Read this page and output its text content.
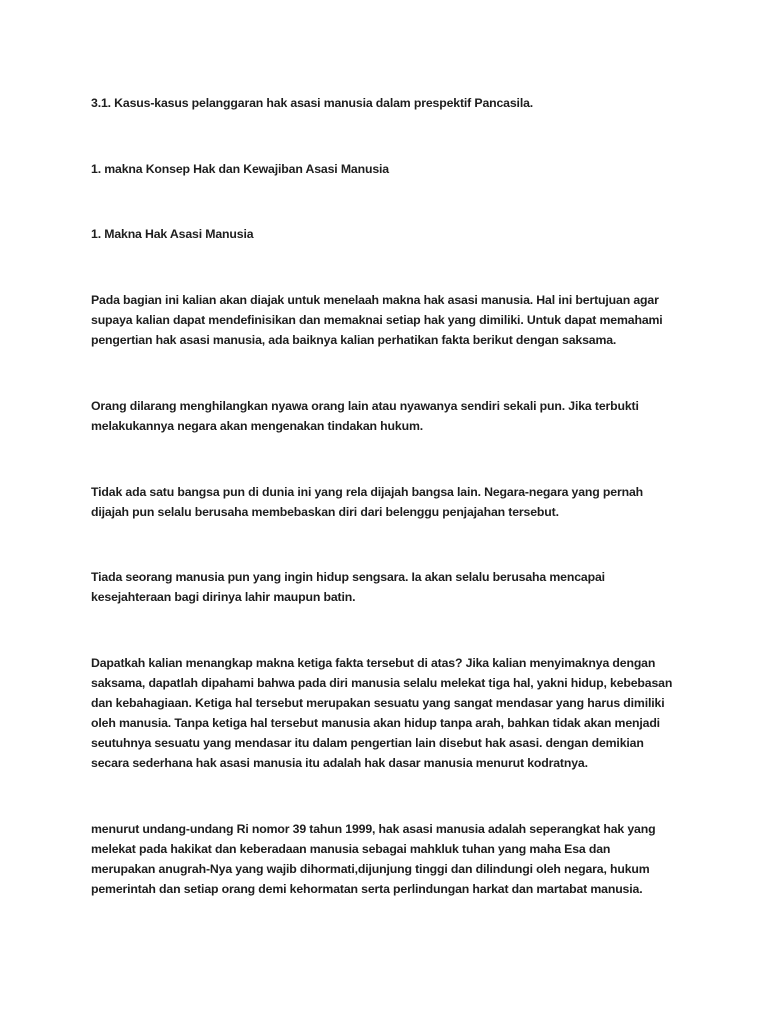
3.1. Kasus-kasus pelanggaran hak asasi manusia dalam prespektif Pancasila.

1. makna Konsep Hak dan Kewajiban Asasi Manusia

1. Makna Hak Asasi Manusia

Pada bagian ini kalian akan diajak untuk menelaah makna hak asasi manusia. Hal ini bertujuan agar

supaya kalian dapat mendefinisikan dan memaknai setiap hak yang dimiliki. Untuk dapat memahami

pengertian hak asasi manusia, ada baiknya kalian perhatikan fakta berikut dengan saksama.

Orang dilarang menghilangkan nyawa orang lain atau nyawanya sendiri sekali pun. Jika terbukti

melakukannya negara akan mengenakan tindakan hukum.

Tidak ada satu bangsa pun di dunia ini yang rela dijajah bangsa lain. Negara-negara yang pernah

dijajah pun selalu berusaha membebaskan diri dari belenggu penjajahan tersebut.

Tiada seorang manusia pun yang ingin hidup sengsara. Ia akan selalu berusaha mencapai

kesejahteraan bagi dirinya lahir maupun batin.

Dapatkah kalian menangkap makna ketiga fakta tersebut di atas? Jika kalian menyimaknya dengan

saksama, dapatlah dipahami bahwa pada diri manusia selalu melekat tiga hal, yakni hidup, kebebasan

dan kebahagiaan. Ketiga hal tersebut merupakan sesuatu yang sangat mendasar yang harus dimiliki

oleh manusia. Tanpa ketiga hal tersebut manusia akan hidup tanpa arah, bahkan tidak akan menjadi

seutuhnya sesuatu yang mendasar itu dalam pengertian lain disebut hak asasi. dengan demikian

secara sederhana hak asasi manusia itu adalah hak dasar manusia menurut kodratnya.

menurut undang-undang Ri nomor 39 tahun 1999, hak asasi manusia adalah seperangkat hak yang

melekat pada hakikat dan keberadaan manusia sebagai mahkluk tuhan yang maha Esa dan

merupakan anugrah-Nya yang wajib dihormati,dijunjung tinggi dan dilindungi oleh negara, hukum

pemerintah dan setiap orang demi kehormatan serta perlindungan harkat dan martabat manusia.
